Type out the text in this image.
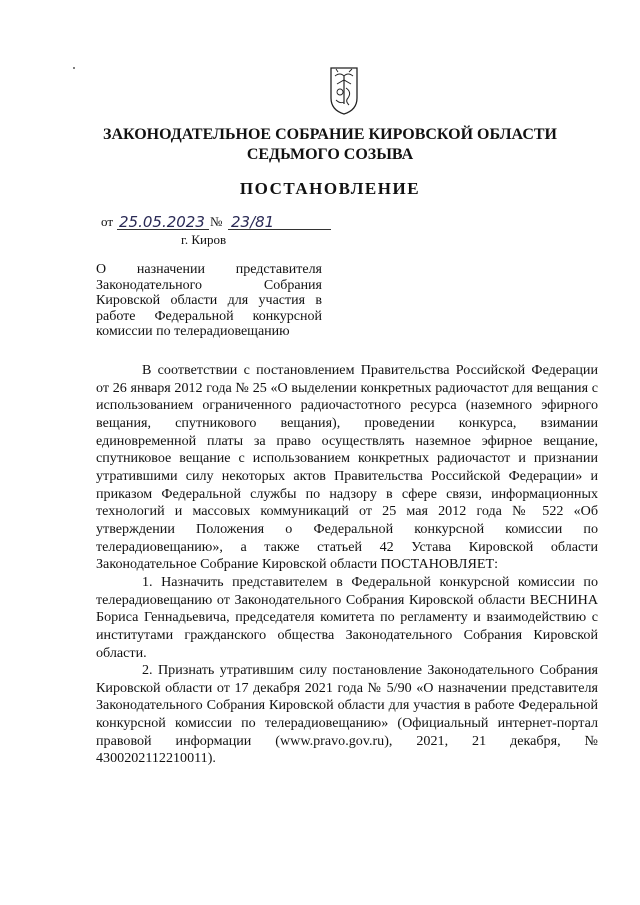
ЗАКОНОДАТЕЛЬНОЕ СОБРАНИЕ КИРОВСКОЙ ОБЛАСТИ
СЕДЬМОГО СОЗЫВА
ПОСТАНОВЛЕНИЕ
от 25.05.2023 № 23/81
г. Киров
О назначении представителя Законодательного Собрания Кировской области для участия в работе Федеральной конкурсной комиссии по телерадиовещанию

В соответствии с постановлением Правительства Российской Федерации от 26 января 2012 года № 25 «О выделении конкретных радиочастот для вещания с использованием ограниченного радиочастотного ресурса (наземного эфирного вещания, спутникового вещания), проведении конкурса, взимании единовременной платы за право осуществлять наземное эфирное вещание, спутниковое вещание с использованием конкретных радиочастот и признании утратившими силу некоторых актов Правительства Российской Федерации» и приказом Федеральной службы по надзору в сфере связи, информационных технологий и массовых коммуникаций от 25 мая 2012 года № 522 «Об утверждении Положения о Федеральной конкурсной комиссии по телерадиовещанию», а также статьей 42 Устава Кировской области Законодательное Собрание Кировской области ПОСТАНОВЛЯЕТ:

1. Назначить представителем в Федеральной конкурсной комиссии по телерадиовещанию от Законодательного Собрания Кировской области ВЕСНИНА Бориса Геннадьевича, председателя комитета по регламенту и взаимодействию с институтами гражданского общества Законодательного Собрания Кировской области.

2. Признать утратившим силу постановление Законодательного Собрания Кировской области от 17 декабря 2021 года № 5/90 «О назначении представителя Законодательного Собрания Кировской области для участия в работе Федеральной конкурсной комиссии по телерадиовещанию» (Официальный интернет-портал правовой информации (www.pravo.gov.ru), 2021, 21 декабря, № 4300202112210011).
